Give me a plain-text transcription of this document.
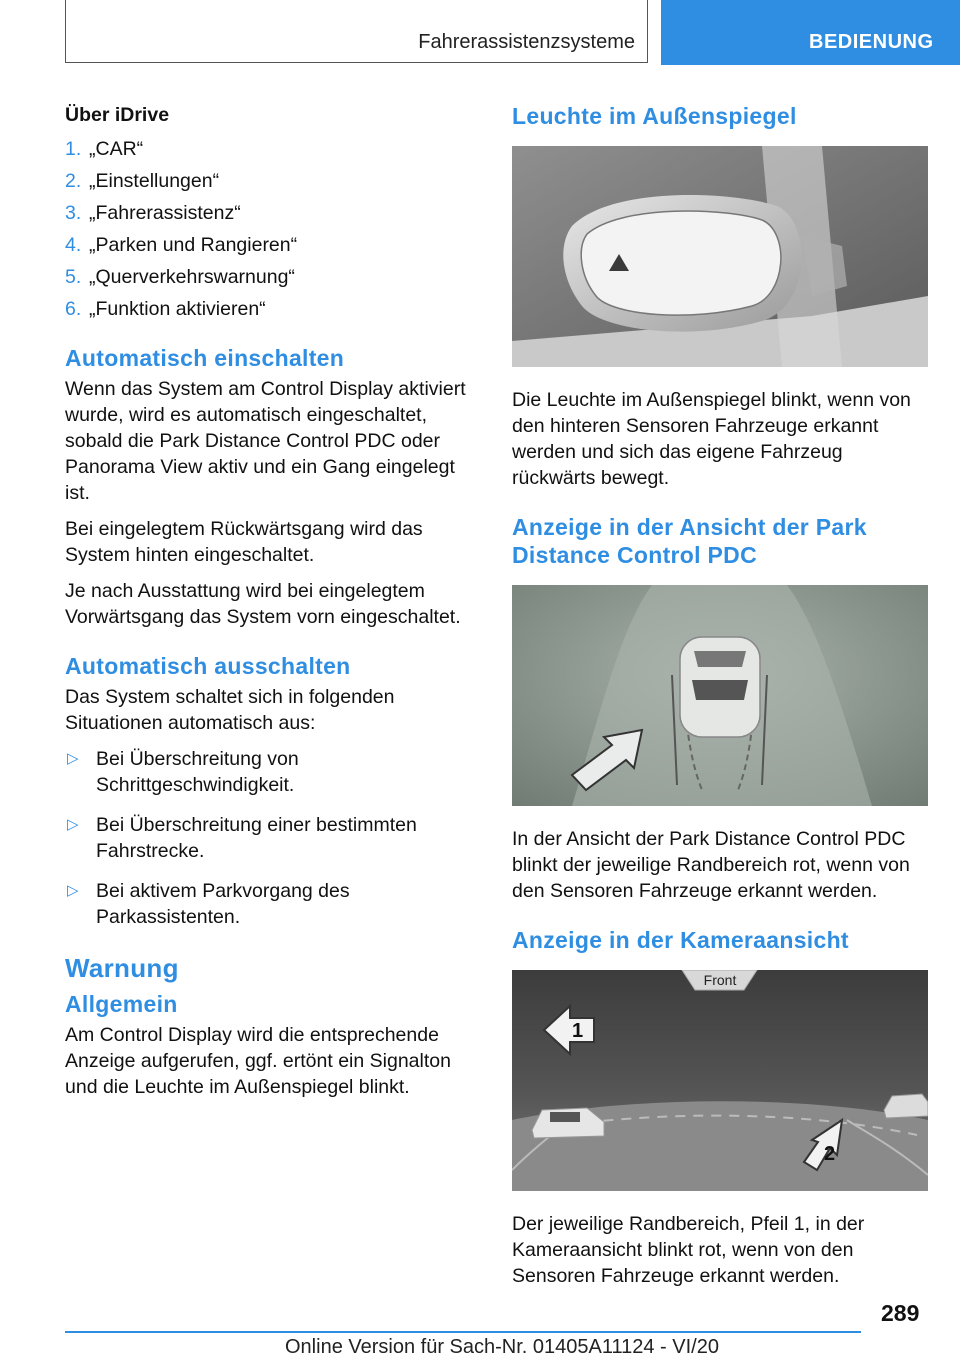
Fahrerassistenzsysteme	BEDIENUNG

Über iDrive

1. „CAR“
2. „Einstellungen“
3. „Fahrerassistenz“
4. „Parken und Rangieren“
5. „Querverkehrswarnung“
6. „Funktion aktivieren“
Automatisch einschalten

Wenn das System am Control Display aktiviert wurde, wird es automatisch eingeschaltet, sobald die Park Distance Control PDC oder Panorama View aktiv und ein Gang eingelegt ist.

Bei eingelegtem Rückwärtsgang wird das System hinten eingeschaltet.

Je nach Ausstattung wird bei eingelegtem Vorwärtsgang das System vorn eingeschaltet.

Automatisch ausschalten

Das System schaltet sich in folgenden Situationen automatisch aus:

▷ Bei Überschreitung von Schrittgeschwindigkeit.
▷ Bei Überschreitung einer bestimmten Fahrstrecke.
▷ Bei aktivem Parkvorgang des Parkassistenten.
Warnung
Allgemein

Am Control Display wird die entsprechende Anzeige aufgerufen, ggf. ertönt ein Signalton und die Leuchte im Außenspiegel blinkt.

Leuchte im Außenspiegel

Die Leuchte im Außenspiegel blinkt, wenn von den hinteren Sensoren Fahrzeuge erkannt werden und sich das eigene Fahrzeug rückwärts bewegt.

Anzeige in der Ansicht der Park Distance Control PDC

In der Ansicht der Park Distance Control PDC blinkt der jeweilige Randbereich rot, wenn von den Sensoren Fahrzeuge erkannt werden.

Anzeige in der Kameraansicht
Front
1
2

Der jeweilige Randbereich, Pfeil 1, in der Kameraansicht blinkt rot, wenn von den Sensoren Fahrzeuge erkannt werden.

289
Online Version für Sach-Nr. 01405A11124 - VI/20
